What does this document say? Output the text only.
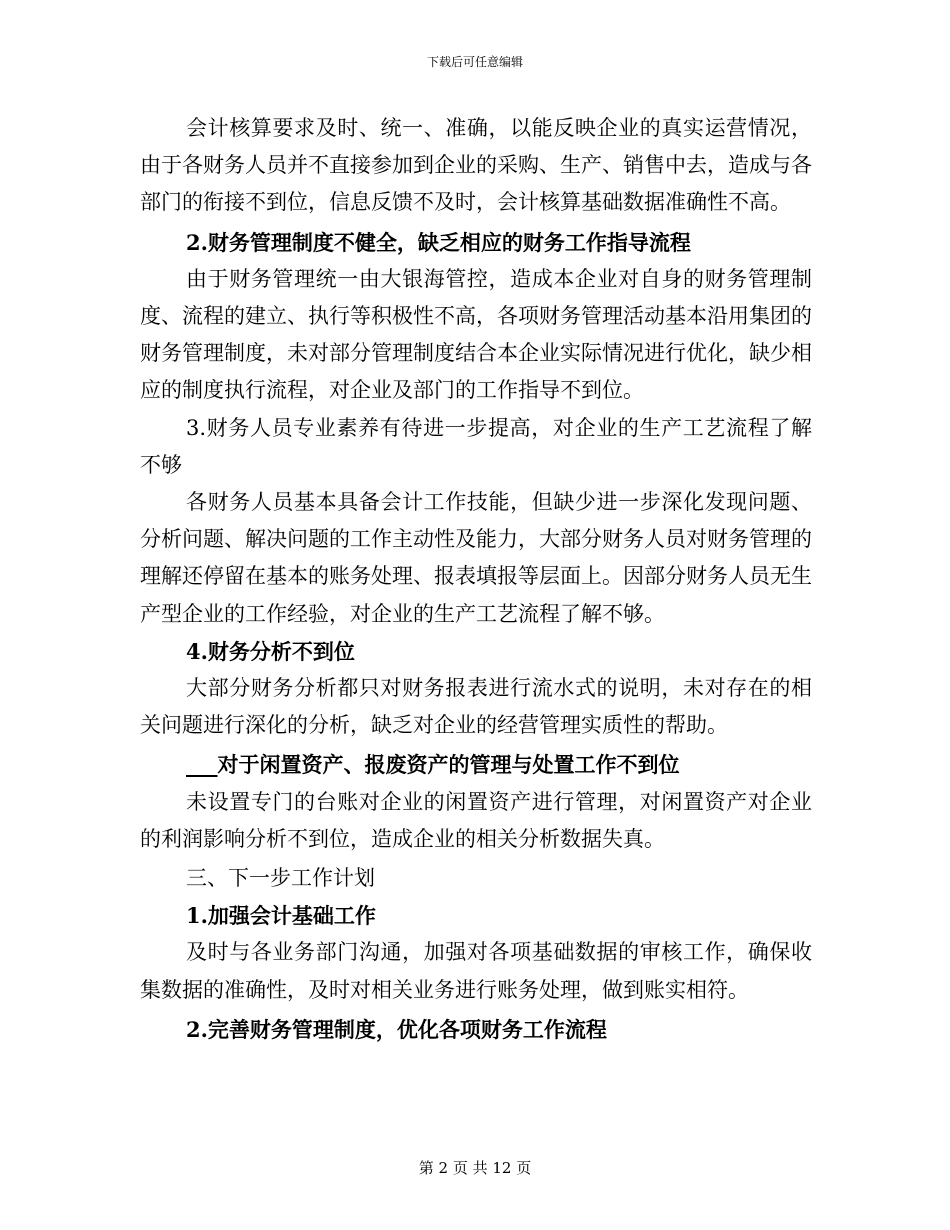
下载后可任意编辑

会计核算要求及时、统一、准确，以能反映企业的真实运营情况，由于各财务人员并不直接参加到企业的采购、生产、销售中去，造成与各部门的衔接不到位，信息反馈不及时，会计核算基础数据准确性不高。

2.财务管理制度不健全，缺乏相应的财务工作指导流程

由于财务管理统一由大银海管控，造成本企业对自身的财务管理制度、流程的建立、执行等积极性不高，各项财务管理活动基本沿用集团的财务管理制度，未对部分管理制度结合本企业实际情况进行优化，缺少相应的制度执行流程，对企业及部门的工作指导不到位。

3.财务人员专业素养有待进一步提高，对企业的生产工艺流程了解不够

各财务人员基本具备会计工作技能，但缺少进一步深化发现问题、分析问题、解决问题的工作主动性及能力，大部分财务人员对财务管理的理解还停留在基本的账务处理、报表填报等层面上。因部分财务人员无生产型企业的工作经验，对企业的生产工艺流程了解不够。

4.财务分析不到位

大部分财务分析都只对财务报表进行流水式的说明，未对存在的相关问题进行深化的分析，缺乏对企业的经营管理实质性的帮助。

___对于闲置资产、报废资产的管理与处置工作不到位

未设置专门的台账对企业的闲置资产进行管理，对闲置资产对企业的利润影响分析不到位，造成企业的相关分析数据失真。

三、下一步工作计划

1.加强会计基础工作

及时与各业务部门沟通，加强对各项基础数据的审核工作，确保收集数据的准确性，及时对相关业务进行账务处理，做到账实相符。

2.完善财务管理制度，优化各项财务工作流程

第 2 页 共 12 页
